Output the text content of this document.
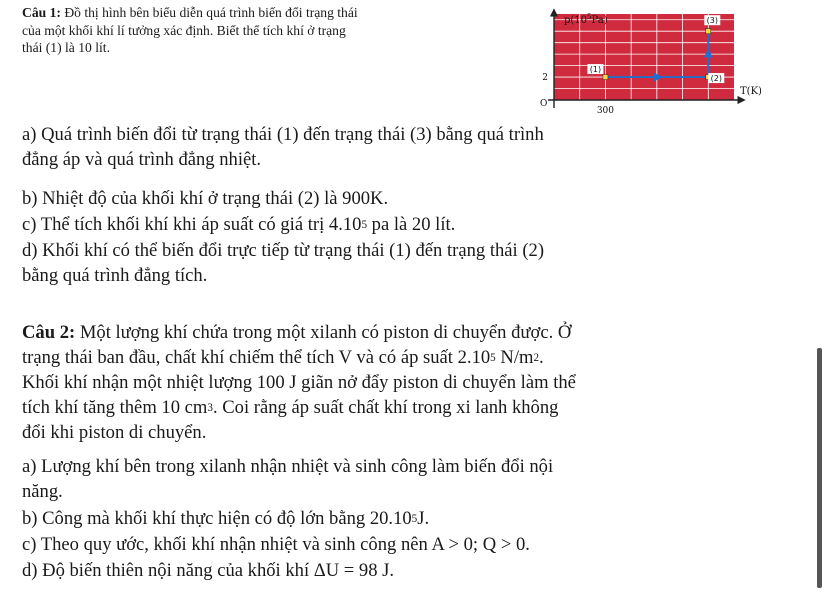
Câu 1: Đồ thị hình bên biểu diễn quá trình biến đổi trạng thái
của một khối khí lí tưởng xác định. Biết thể tích khí ở trạng
thái (1) là 10 lít.
$p(10^5Pa)$
T(K)
O
300
2
(1)
(2)
(3)
a) Quá trình biến đổi từ trạng thái (1) đến trạng thái (3) bằng quá trình
đẳng áp và quá trình đẳng nhiệt.
b) Nhiệt độ của khối khí ở trạng thái (2) là 900K.
c) Thể tích khối khí khi áp suất có giá trị 4.10$^5$ pa là 20 lít.
d) Khối khí có thể biến đổi trực tiếp từ trạng thái (1) đến trạng thái (2)
bằng quá trình đẳng tích.
Câu 2: Một lượng khí chứa trong một xilanh có piston di chuyển được. Ở
trạng thái ban đầu, chất khí chiếm thể tích V và có áp suất 2.10$^5$ $N/m^2$.
Khối khí nhận một nhiệt lượng 100 J giãn nở đẩy piston di chuyển làm thể
tích khí tăng thêm 10 $cm^3$. Coi rằng áp suất chất khí trong xi lanh không
đổi khi piston di chuyển.
a) Lượng khí bên trong xilanh nhận nhiệt và sinh công làm biến đổi nội
năng.
b) Công mà khối khí thực hiện có độ lớn bằng 20.10$^5$J.
c) Theo quy ước, khối khí nhận nhiệt và sinh công nên A > 0; Q > 0.
d) Độ biến thiên nội năng của khối khí ΔU = 98 J.
